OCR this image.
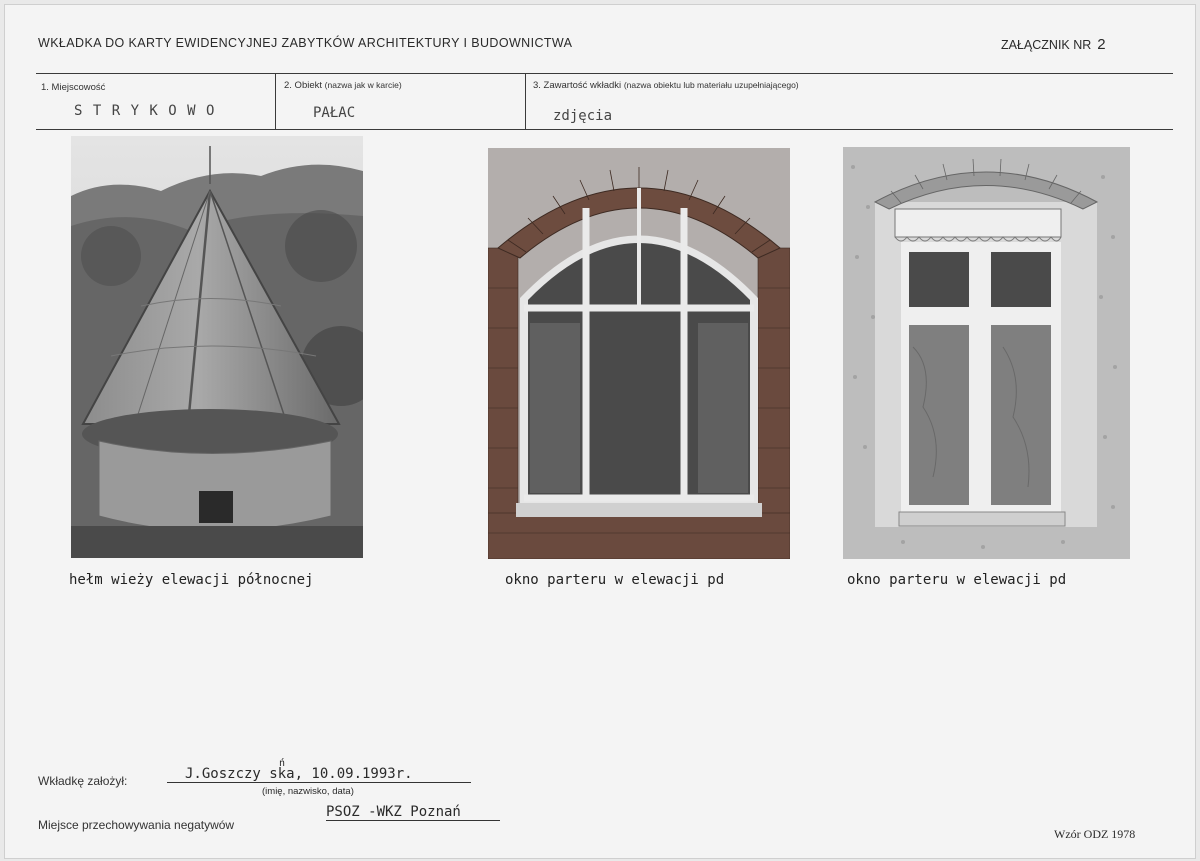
WKŁADKA DO KARTY EWIDENCYJNEJ ZABYTKÓW ARCHITEKTURY I BUDOWNICTWA	ZAŁĄCZNIK NR 2
1. Miejscowość
S T R Y K O W O
2. Obiekt (nazwa jak w karcie)
PAŁAC
3. Zawartość wkładki (nazwa obiektu lub materiału uzupełniającego)
zdjęcia
hełm wieży elewacji północnej	okno parteru w elewacji pd	okno parteru w elewacji pd
Wkładkę założył:	J.Goszczy ska, 10.09.1993r.
ń
(imię, nazwisko, data)
Miejsce przechowywania negatywów
PSOZ -WKZ Poznań
Wzór ODZ 1978
